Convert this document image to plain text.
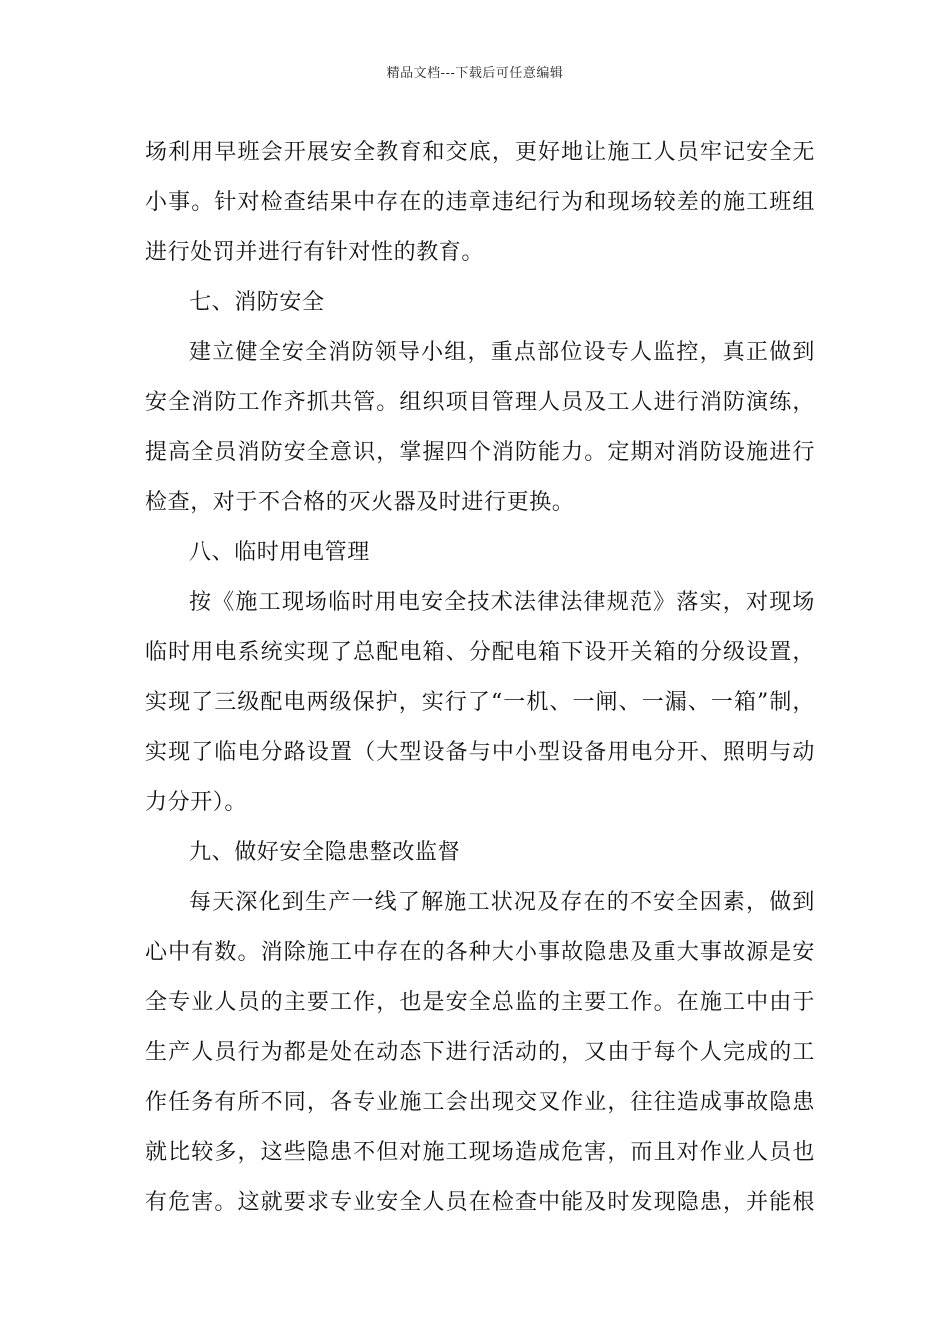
精品文档---下载后可任意编辑
场利用早班会开展安全教育和交底，更好地让施工人员牢记安全无
小事。针对检查结果中存在的违章违纪行为和现场较差的施工班组
进行处罚并进行有针对性的教育。
七、消防安全
建立健全安全消防领导小组，重点部位设专人监控，真正做到
安全消防工作齐抓共管。组织项目管理人员及工人进行消防演练，
提高全员消防安全意识，掌握四个消防能力。定期对消防设施进行
检查，对于不合格的灭火器及时进行更换。
八、临时用电管理
按《施工现场临时用电安全技术法律法律规范》落实，对现场
临时用电系统实现了总配电箱、分配电箱下设开关箱的分级设置，
实现了三级配电两级保护，实行了“一机、一闸、一漏、一箱”制，
实现了临电分路设置（大型设备与中小型设备用电分开、照明与动
力分开）。
九、做好安全隐患整改监督
每天深化到生产一线了解施工状况及存在的不安全因素，做到
心中有数。消除施工中存在的各种大小事故隐患及重大事故源是安
全专业人员的主要工作，也是安全总监的主要工作。在施工中由于
生产人员行为都是处在动态下进行活动的，又由于每个人完成的工
作任务有所不同，各专业施工会出现交叉作业，往往造成事故隐患
就比较多，这些隐患不但对施工现场造成危害，而且对作业人员也
有危害。这就要求专业安全人员在检查中能及时发现隐患，并能根
